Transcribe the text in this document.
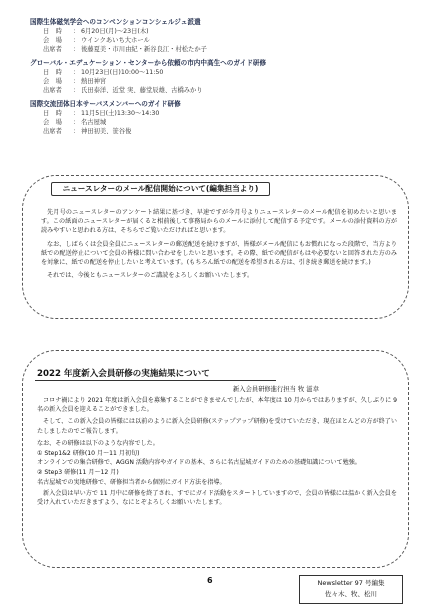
国際生体磁気学会へのコンベンションコンシェルジュ派遣
日　時	： 6月20日(月)〜23日(木)
会　場	： ウインクあいち大ホール
出席者	： 後藤夏美・市川由紀・新谷良江・村松たか子
グローバル・エデュケーション・センターから依頼の市内中高生へのガイド研修
日　時	： 10月23日(日)10:00〜11:50
会　場	： 熱田神宮
出席者	： 氏田泰洋、近堂 実、藤堂辰雄、古橋みかり
国際交流団体日本サーバスメンバーへのガイド研修
日　時	： 11月5日(土)13:30〜14:30
会　場	： 名古屋城
出席者	： 神田初美、笹谷俊
ニュースレターのメール配信開始について(編集担当より)

先月号のニュースレターのアンケート結果に基づき、早速ですが今月号よりニュースレターのメール配信を初めたいと思います。この紙面のニュースレターが届くると相前後して事務局からのメールに添付して配信する予定です。メールの添付資料の方が読みやすいと思われる方は、そちらでご覧いただければと思います。

なお、しばらくは会員全員にニュースレターの郵送配送を続けますが、皆様がメール配信にもお慣れになった段階で、当方より紙での配送停止について会員の皆様に問い合わせをしたいと思います。その際、紙での配信がもはや必要ないと回答された方のみを対象に、紙での配送を停止したいと考えています。(もちろん紙での配送を希望される方は、引き続き郵送を続けます。)

それでは、今後ともニュースレターのご講読をよろしくお願いいたします。

2022 年度新入会員研修の実施結果について
新入会員研修進行担当 牧 滋韋

コロナ禍により 2021 年度は新入会員を募集することができませんでしたが、本年度は 10 月からではありますが、久しぶりに 9 名の新入会員を迎えることができました。

そして、この新入会員の皆様には以前のように新入会員研修(ステップアップ研修)を受けていただき、現在ほとんどの方が終了いたしましたのでご報告します。

なお、その研修は以下のような内容でした。

① Step1&2 研修(10 月〜11 月初旬)

オンラインでの集合研修で、AGGN 活動内容やガイドの基本、さらに名古屋城ガイドのための基礎知識について勉強。

② Step3 研修(11 月〜12 月)

名古屋城での実地研修で、研修担当者から個別にガイド方法を指導。

新入会員は早い方で 11 月中に研修を終了され、すでにガイド活動をスタートしていますので、会員の皆様には温かく新入会員を受け入れていただきますよう、なにとぞよろしくお願いいたします。

6	Newsletter 97 号編集
佐々木、牧、松川
